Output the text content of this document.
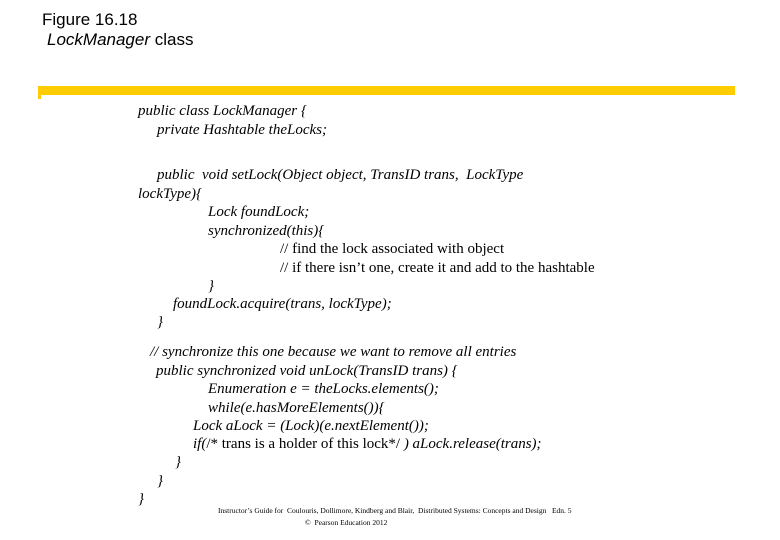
Figure 16.18
LockManager class
public class LockManager {
private Hashtable theLocks;
public  void setLock(Object object, TransID trans,  LockType
lockType){
Lock foundLock;
synchronized(this){
// find the lock associated with object
// if there isn’t one, create it and add to the hashtable
}
foundLock.acquire(trans, lockType);
}
// synchronize this one because we want to remove all entries
public synchronized void unLock(TransID trans) {
Enumeration e = theLocks.elements();
while(e.hasMoreElements()){
Lock aLock = (Lock)(e.nextElement());
if(/* trans is a holder of this lock*/ ) aLock.release(trans);
}
}
}
Instructor’s Guide for  Coulouris, Dollimore, Kindberg and Blair,  Distributed Systems: Concepts and Design   Edn. 5
©  Pearson Education 2012
